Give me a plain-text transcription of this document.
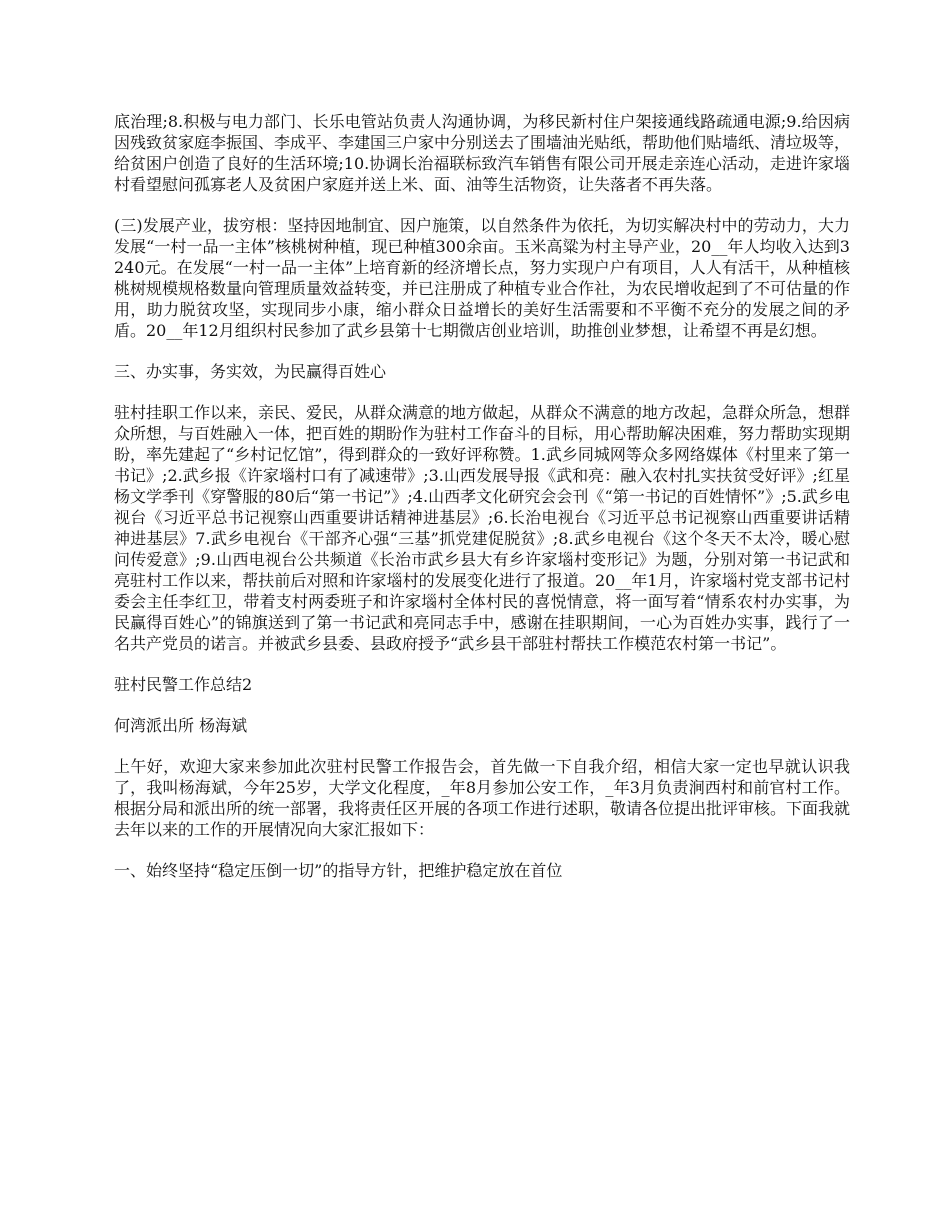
底治理;8.积极与电力部门、长乐电管站负责人沟通协调，为移民新村住户架接通线路疏通电源;9.给因病因残致贫家庭李振国、李成平、李建国三户家中分别送去了围墙油光贴纸，帮助他们贴墙纸、清垃圾等，给贫困户创造了良好的生活环境;10.协调长治福联标致汽车销售有限公司开展走亲连心活动，走进许家堖村看望慰问孤寡老人及贫困户家庭并送上米、面、油等生活物资，让失落者不再失落。

(三)发展产业，拔穷根：坚持因地制宜、因户施策，以自然条件为依托，为切实解决村中的劳动力，大力发展“一村一品一主体”核桃树种植，现已种植300余亩。玉米高粱为村主导产业，20__年人均收入达到3240元。在发展“一村一品一主体”上培育新的经济增长点，努力实现户户有项目，人人有活干，从种植核桃树规模规格数量向管理质量效益转变，并已注册成了种植专业合作社，为农民增收起到了不可估量的作用，助力脱贫攻坚，实现同步小康，缩小群众日益增长的美好生活需要和不平衡不充分的发展之间的矛盾。20__年12月组织村民参加了武乡县第十七期微店创业培训，助推创业梦想，让希望不再是幻想。

三、办实事，务实效，为民赢得百姓心

驻村挂职工作以来，亲民、爱民，从群众满意的地方做起，从群众不满意的地方改起，急群众所急，想群众所想，与百姓融入一体，把百姓的期盼作为驻村工作奋斗的目标，用心帮助解决困难，努力帮助实现期盼，率先建起了“乡村记忆馆”，得到群众的一致好评称赞。1.武乡同城网等众多网络媒体《村里来了第一书记》;2.武乡报《许家堖村口有了减速带》;3.山西发展导报《武和亮：融入农村扎实扶贫受好评》;红星杨文学季刊《穿警服的80后“第一书记”》;4.山西孝文化研究会会刊《“第一书记的百姓情怀”》;5.武乡电视台《习近平总书记视察山西重要讲话精神进基层》;6.长治电视台《习近平总书记视察山西重要讲话精神进基层》7.武乡电视台《干部齐心强“三基”抓党建促脱贫》;8.武乡电视台《这个冬天不太冷，暖心慰问传爱意》;9.山西电视台公共频道《长治市武乡县大有乡许家堖村变形记》为题，分别对第一书记武和亮驻村工作以来，帮扶前后对照和许家堖村的发展变化进行了报道。20__年1月，许家堖村党支部书记村委会主任李红卫，带着支村两委班子和许家堖村全体村民的喜悦情意，将一面写着“情系农村办实事，为民赢得百姓心”的锦旗送到了第一书记武和亮同志手中，感谢在挂职期间，一心为百姓办实事，践行了一名共产党员的诺言。并被武乡县委、县政府授予“武乡县干部驻村帮扶工作模范农村第一书记”。

驻村民警工作总结2

何湾派出所 杨海斌

上午好，欢迎大家来参加此次驻村民警工作报告会，首先做一下自我介绍，相信大家一定也早就认识我了，我叫杨海斌，今年25岁，大学文化程度，_年8月参加公安工作，_年3月负责涧西村和前官村工作。根据分局和派出所的统一部署，我将责任区开展的各项工作进行述职，敬请各位提出批评审核。下面我就去年以来的工作的开展情况向大家汇报如下：

一、始终坚持“稳定压倒一切”的指导方针，把维护稳定放在首位
